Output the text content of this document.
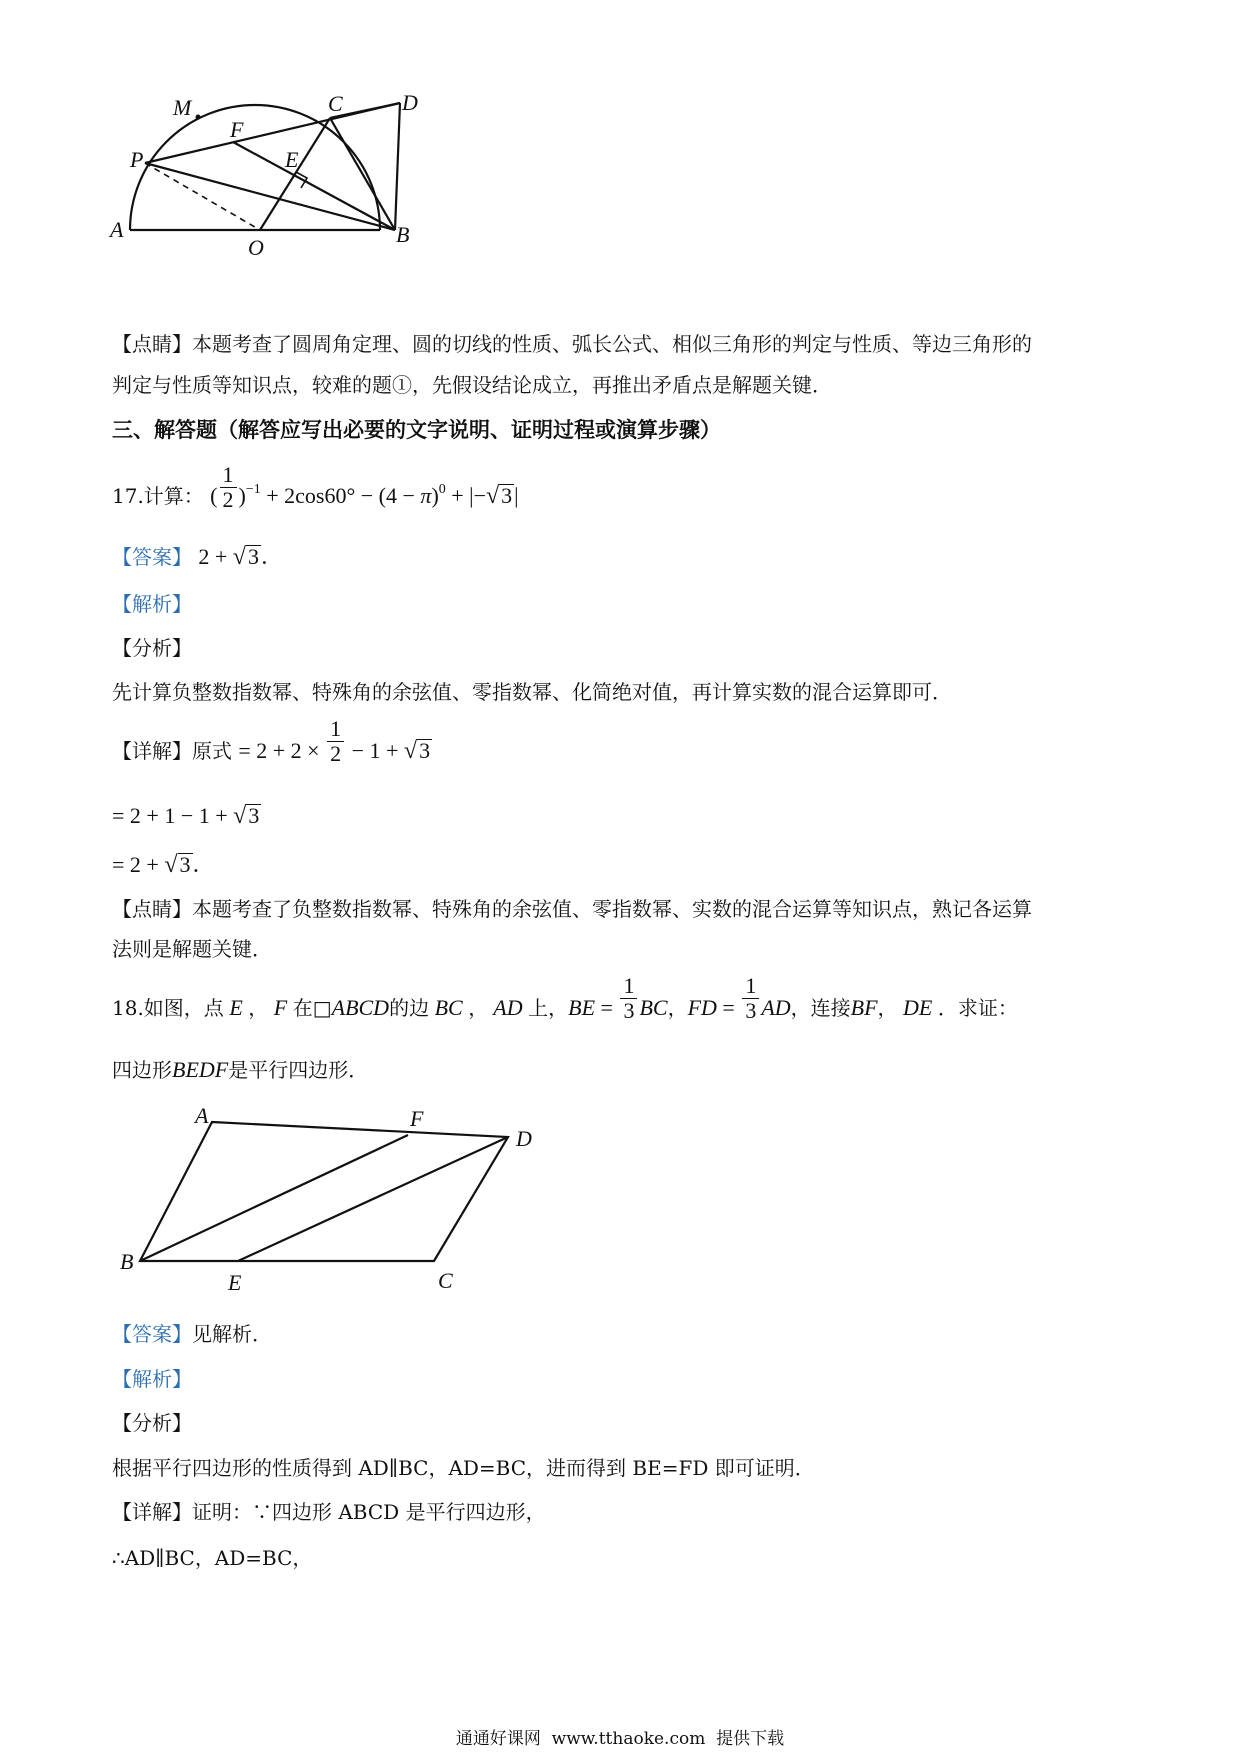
M	C	D
F
E
P
A
O
B
【点睛】本题考查了圆周角定理、圆的切线的性质、弧长公式、相似三角形的判定与性质、等边三角形的
判定与性质等知识点，较难的题①，先假设结论成立，再推出矛盾点是解题关键．
三、解答题（解答应写出必要的文字说明、证明过程或演算步骤）
17.计算： ( $\frac{1}{2} )^{-1} + 2\cos 60^\circ - (4 - \pi)^0 + |-√3|$
【答案】 2 + √3．
【解析】
【分析】
先计算负整数指数幂、特殊角的余弦值、零指数幂、化简绝对值，再计算实数的混合运算即可．
【详解】原式 = $2 + 2 \times \frac{1}{2} - 1 + √3$
= 2 + 1 − 1 + √3
= 2 + √3．
【点睛】本题考查了负整数指数幂、特殊角的余弦值、零指数幂、实数的混合运算等知识点，熟记各运算
法则是解题关键．
18.如图，点 E ， F 在□ABCD的边 BC ， AD 上，BE = $\frac{1}{3}$ BC，FD = $\frac{1}{3}$ AD，连接BF， DE ．求证：
四边形BEDF是平行四边形．
A	F
D
B
E	C
【答案】见解析．
【解析】
【分析】
根据平行四边形的性质得到 AD∥BC，AD=BC，进而得到 BE=FD 即可证明．
【详解】证明：∵四边形 ABCD 是平行四边形，
∴AD∥BC，AD=BC，
通通好课网  www.tthaoke.com  提供下载
